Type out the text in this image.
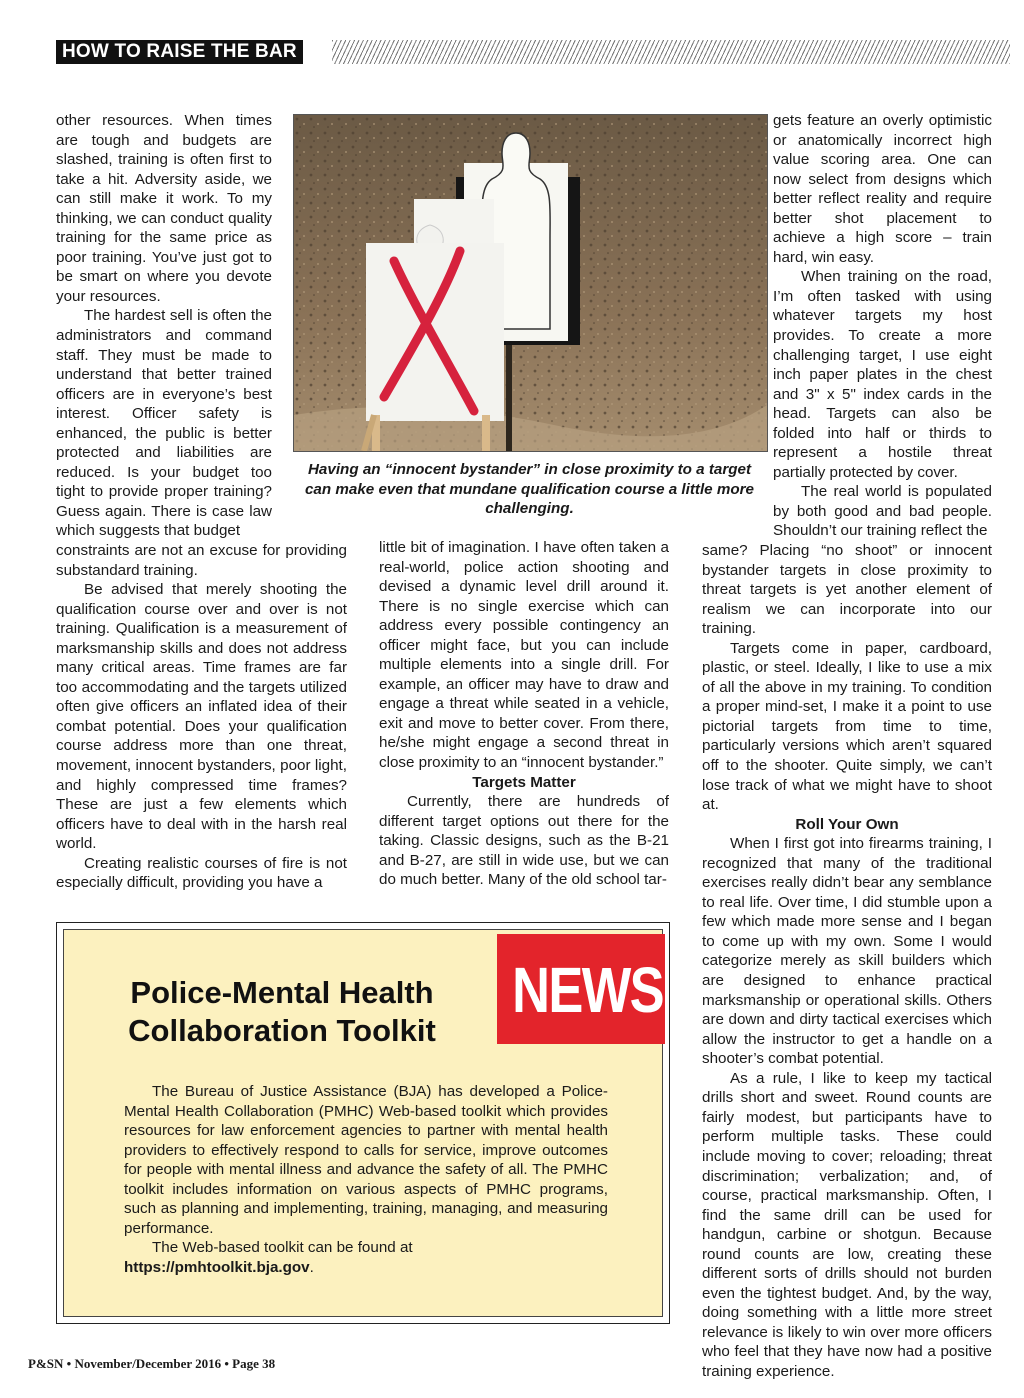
HOW TO RAISE THE BAR

other resources. When times are tough and budgets are slashed, training is often first to take a hit. Adversity aside, we can still make it work. To my thinking, we can conduct quality training for the same price as poor training. You’ve just got to be smart on where you devote your resources.

The hardest sell is often the administrators and command staff. They must be made to understand that better trained officers are in everyone’s best interest. Officer safety is enhanced, the public is better protected and liabilities are reduced. Is your budget too tight to provide proper training? Guess again. There is case law which suggests that budget

constraints are not an excuse for providing substandard training.

Be advised that merely shooting the qualification course over and over is not training. Qualification is a measurement of marksmanship skills and does not address many critical areas. Time frames are far too accommodating and the targets utilized often give officers an inflated idea of their combat potential. Does your qualification course address more than one threat, movement, innocent bystanders, poor light, and highly compressed time frames? These are just a few elements which officers have to deal with in the harsh real world.

Creating realistic courses of fire is not especially difficult, providing you have a

Having an “innocent bystander” in close proximity to a target can make even that mundane qualification course a little more challenging.

little bit of imagination. I have often taken a real-world, police action shooting and devised a dynamic level drill around it. There is no single exercise which can address every possible contingency an officer might face, but you can include multiple elements into a single drill. For example, an officer may have to draw and engage a threat while seated in a vehicle, exit and move to better cover. From there, he/she might engage a second threat in close proximity to an “innocent bystander.”

Targets Matter

Currently, there are hundreds of different target options out there for the taking. Classic designs, such as the B-21 and B-27, are still in wide use, but we can do much better. Many of the old school tar-

gets feature an overly optimistic or anatomically incorrect high value scoring area. One can now select from designs which better reflect reality and require better shot placement to achieve a high score – train hard, win easy.

When training on the road, I’m often tasked with using whatever targets my host provides. To create a more challenging target, I use eight inch paper plates in the chest and 3" x 5" index cards in the head. Targets can also be folded into half or thirds to represent a hostile threat partially protected by cover.

The real world is populated by both good and bad people. Shouldn’t our training reflect the

same? Placing “no shoot” or innocent bystander targets in close proximity to threat targets is yet another element of realism we can incorporate into our training.

Targets come in paper, cardboard, plastic, or steel. Ideally, I like to use a mix of all the above in my training. To condition a proper mind-set, I make it a point to use pictorial targets from time to time, particularly versions which aren’t squared off to the shooter. Quite simply, we can’t lose track of what we might have to shoot at.

Roll Your Own

When I first got into firearms training, I recognized that many of the traditional exercises really didn’t bear any semblance to real life. Over time, I did stumble upon a few which made more sense and I began to come up with my own. Some I would categorize merely as skill builders which are designed to enhance practical marksmanship or operational skills. Others are down and dirty tactical exercises which allow the instructor to get a handle on a shooter’s combat potential.

As a rule, I like to keep my tactical drills short and sweet. Round counts are fairly modest, but participants have to perform multiple tasks. These could include moving to cover; reloading; threat discrimination; verbalization; and, of course, practical marksmanship. Often, I find the same drill can be used for handgun, carbine or shotgun. Because round counts are low, creating these different sorts of drills should not burden even the tightest budget. And, by the way, doing something with a little more street relevance is likely to win over more officers who feel that they have now had a positive training experience.

Police-Mental Health Collaboration Toolkit
NEWS

The Bureau of Justice Assistance (BJA) has developed a Police-Mental Health Collaboration (PMHC) Web-based toolkit which provides resources for law enforcement agencies to partner with mental health providers to effectively respond to calls for service, improve outcomes for people with mental illness and advance the safety of all. The PMHC toolkit includes information on various aspects of PMHC programs, such as planning and implementing, training, managing, and measuring performance.

The Web-based toolkit can be found at
https://pmhtoolkit.bja.gov.

P&SN • November/December 2016 • Page 38
